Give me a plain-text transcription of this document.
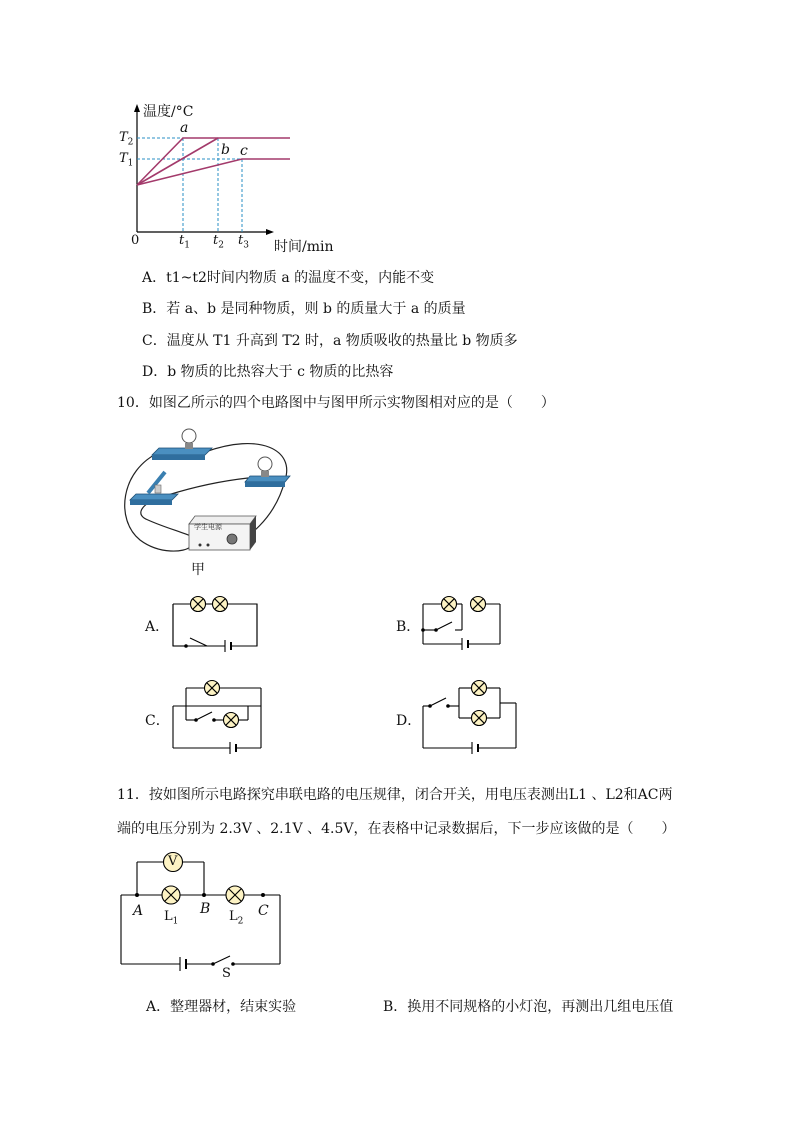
温度/°C
$T_2$
$T_1$
0	$t_1$ $t_2$ $t_3$ 时间/min
a
b c
A．t1~t2时间内物质 a 的温度不变，内能不变
B．若 a、b 是同种物质，则 b 的质量大于 a 的质量
C．温度从 T1 升高到 T2 时，a 物质吸收的热量比 b 物质多
D．b 物质的比热容大于 c 物质的比热容
10．如图乙所示的四个电路图中与图甲所示实物图相对应的是（　　）
学生电源
甲
A．	B．
C．	D．
11．按如图所示电路探究串联电路的电压规律，闭合开关，用电压表测出L1 、L2和AC两
端的电压分别为 2.3V 、2.1V 、4.5V，在表格中记录数据后，下一步应该做的是（　　）
V
A	B	C
$L_1$	$L_2$
S
A．整理器材，结束实验	B．换用不同规格的小灯泡，再测出几组电压值
